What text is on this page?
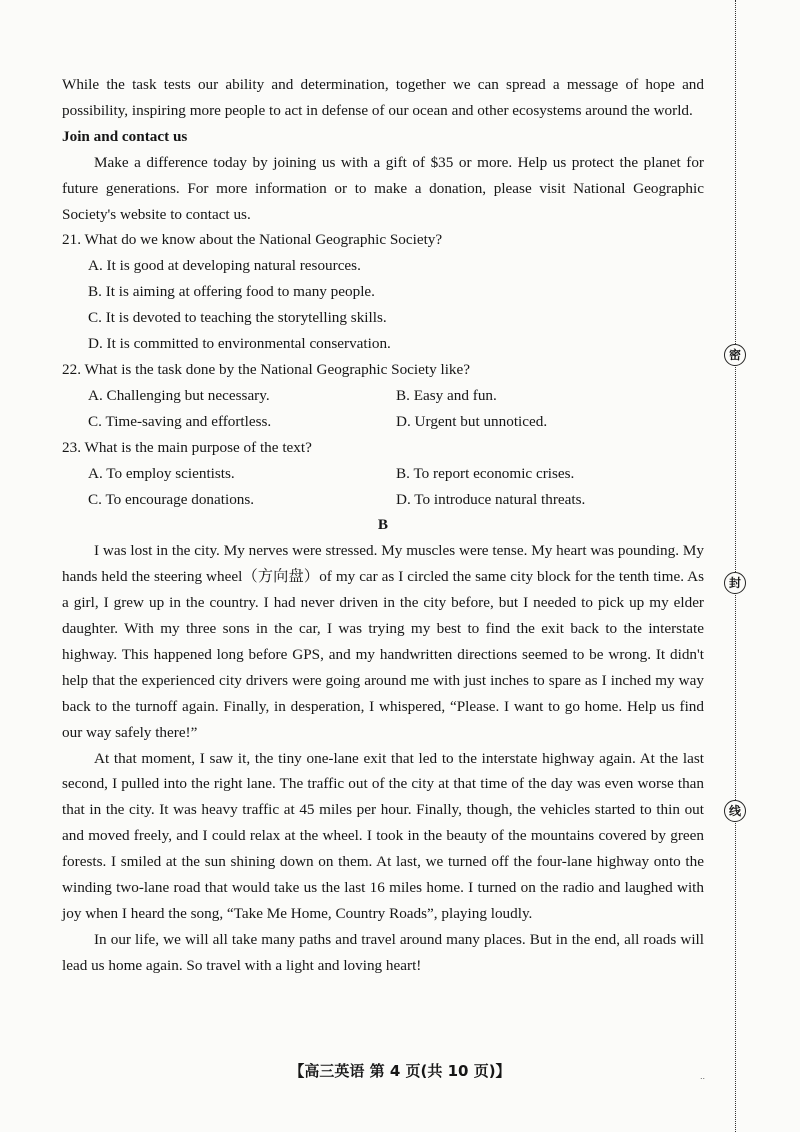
密
封
线

While the task tests our ability and determination, together we can spread a message of hope and possibility, inspiring more people to act in defense of our ocean and other ecosystems around the world.

Join and contact us

Make a difference today by joining us with a gift of $35 or more. Help us protect the planet for future generations. For more information or to make a donation, please visit National Geographic Society's website to contact us.

21. What do we know about the National Geographic Society?

A. It is good at developing natural resources.

B. It is aiming at offering food to many people.

C. It is devoted to teaching the storytelling skills.

D. It is committed to environmental conservation.

22. What is the task done by the National Geographic Society like?

A. Challenging but necessary.	B. Easy and fun.
C. Time-saving and effortless.	D. Urgent but unnoticed.

23. What is the main purpose of the text?

A. To employ scientists.	B. To report economic crises.
C. To encourage donations.	D. To introduce natural threats.

B

I was lost in the city. My nerves were stressed. My muscles were tense. My heart was pounding. My hands held the steering wheel（方向盘）of my car as I circled the same city block for the tenth time. As a girl, I grew up in the country. I had never driven in the city before, but I needed to pick up my elder daughter. With my three sons in the car, I was trying my best to find the exit back to the interstate highway. This happened long before GPS, and my handwritten directions seemed to be wrong. It didn't help that the experienced city drivers were going around me with just inches to spare as I inched my way back to the turnoff again. Finally, in desperation, I whispered, “Please. I want to go home. Help us find our way safely there!”

At that moment, I saw it, the tiny one-lane exit that led to the interstate highway again. At the last second, I pulled into the right lane. The traffic out of the city at that time of the day was even worse than that in the city. It was heavy traffic at 45 miles per hour. Finally, though, the vehicles started to thin out and moved freely, and I could relax at the wheel. I took in the beauty of the mountains covered by green forests. I smiled at the sun shining down on them. At last, we turned off the four-lane highway onto the winding two-lane road that would take us the last 16 miles home. I turned on the radio and laughed with joy when I heard the song, “Take Me Home, Country Roads”, playing loudly.

In our life, we will all take many paths and travel around many places. But in the end, all roads will lead us home again. So travel with a light and loving heart!

【高三英语 第 4 页(共 10 页)】	..
